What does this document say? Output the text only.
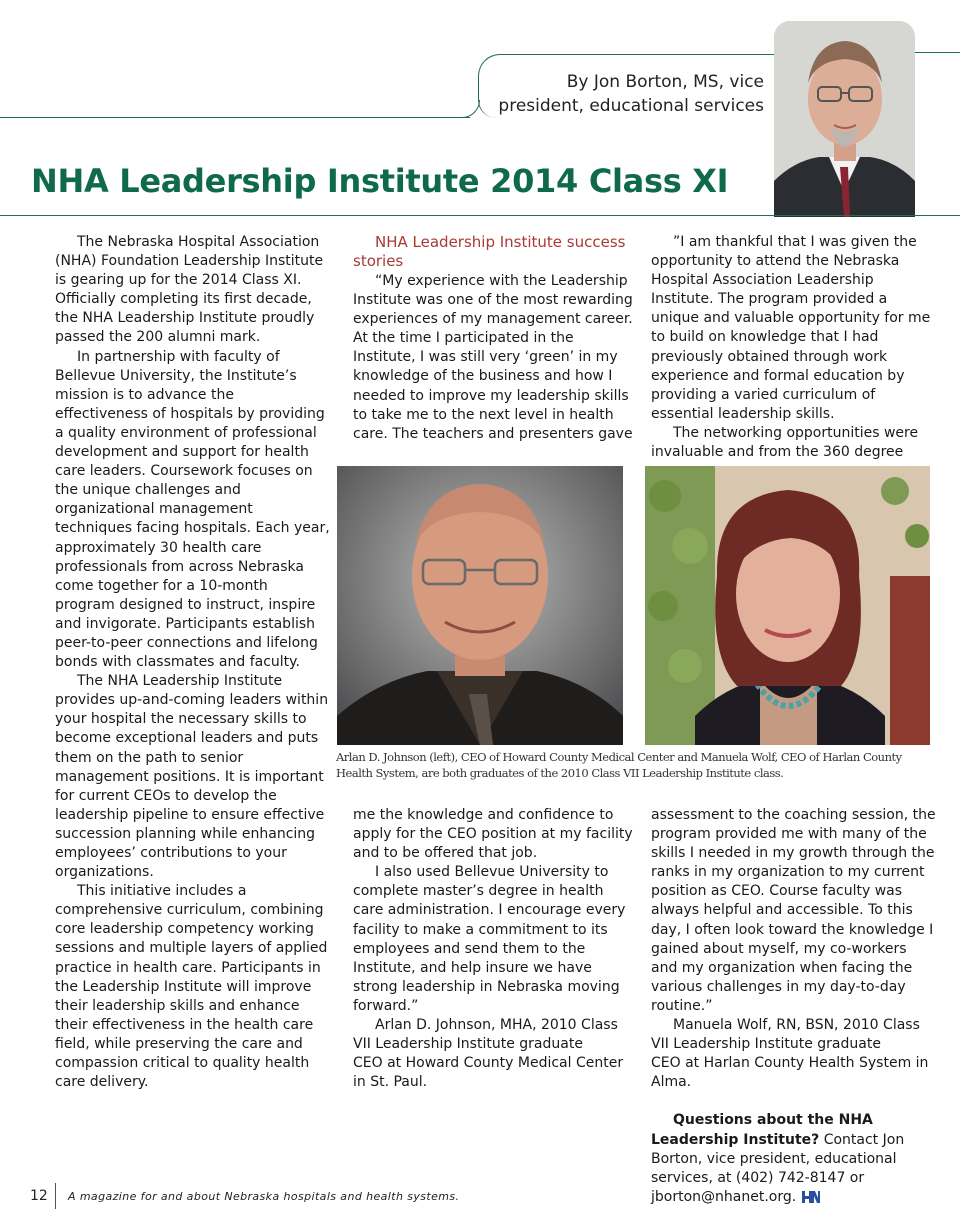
By Jon Borton, MS, vice
president, educational services
NHA Leadership Institute 2014 Class XI

The Nebraska Hospital Association (NHA) Foundation Leadership Institute is gearing up for the 2014 Class XI. Officially completing its first decade, the NHA Leadership Institute proudly passed the 200 alumni mark.

In partnership with faculty of Bellevue University, the Institute’s mission is to advance the effectiveness of hospitals by providing a quality environment of professional development and support for health care leaders. Coursework focuses on the unique challenges and organizational management techniques facing hospitals. Each year, approximately 30 health care professionals from across Nebraska come together for a 10-month program designed to instruct, inspire and invigorate. Participants establish peer-to-peer connections and lifelong bonds with classmates and faculty.

The NHA Leadership Institute provides up-and-coming leaders within your hospital the necessary skills to become exceptional leaders and puts them on the path to senior management positions. It is important for current CEOs to develop the leadership pipeline to ensure effective succession planning while enhancing employees’ contributions to your organizations.

This initiative includes a comprehensive curriculum, combining core leadership competency working sessions and multiple layers of applied practice in health care. Participants in the Leadership Institute will improve their leadership skills and enhance their effectiveness in the health care field, while preserving the care and compassion critical to quality health care delivery.

NHA Leadership Institute success stories

“My experience with the Leadership Institute was one of the most rewarding experiences of my management career. At the time I participated in the Institute, I was still very ‘green’ in my knowledge of the business and how I needed to improve my leadership skills to take me to the next level in health care. The teachers and presenters gave

”I am thankful that I was given the opportunity to attend the Nebraska Hospital Association Leadership Institute. The program provided a unique and valuable opportunity for me to build on knowledge that I had previously obtained through work experience and formal education by providing a varied curriculum of essential leadership skills.

The networking opportunities were invaluable and from the 360 degree

Arlan D. Johnson (left), CEO of Howard County Medical Center and Manuela Wolf, CEO of Harlan County Health System, are both graduates of the 2010 Class VII Leadership Institute class.

me the knowledge and confidence to apply for the CEO position at my facility and to be offered that job.

I also used Bellevue University to complete master’s degree in health care administration. I encourage every facility to make a commitment to its employees and send them to the Institute, and help insure we have strong leadership in Nebraska moving forward.”

Arlan D. Johnson, MHA, 2010 Class VII Leadership Institute graduate
CEO at Howard County Medical Center in St. Paul.

assessment to the coaching session, the program provided me with many of the skills I needed in my growth through the ranks in my organization to my current position as CEO. Course faculty was always helpful and accessible. To this day, I often look toward the knowledge I gained about myself, my co-workers and my organization when facing the various challenges in my day-to-day routine.”

Manuela Wolf, RN, BSN, 2010 Class VII Leadership Institute graduate
CEO at Harlan County Health System in Alma.

Questions about the NHA Leadership Institute? Contact Jon Borton, vice president, educational services, at (402) 742-8147 or jborton@nhanet.org.

12 A magazine for and about Nebraska hospitals and health systems.
